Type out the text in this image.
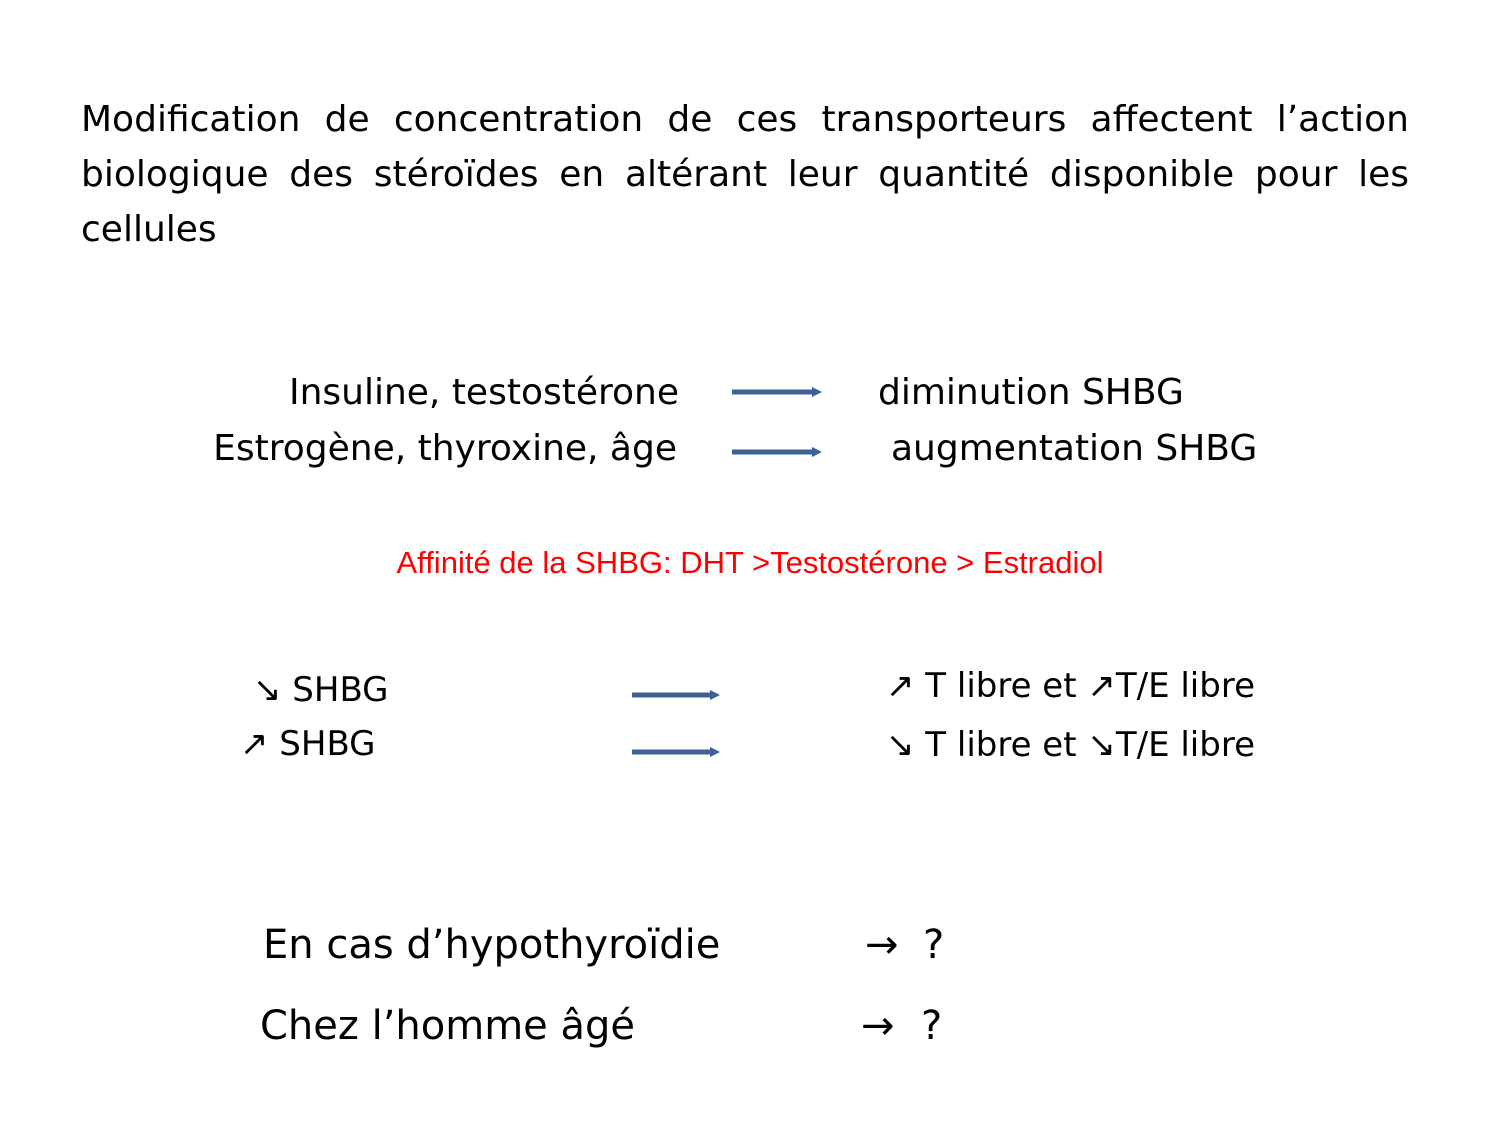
Modification de concentration de ces transporteurs affectent l’action biologique des stéroïdes en altérant leur quantité disponible pour les cellules
Insuline, testostérone	diminution SHBG
Estrogène, thyroxine, âge	augmentation SHBG
Affinité de la SHBG: DHT >Testostérone > Estradiol
↘ SHBG	↗ T libre et ↗T/E libre
↗ SHBG	↘ T libre et ↘T/E libre
En cas d’hypothyroïdie	→ ?
Chez l’homme âgé	→ ?
